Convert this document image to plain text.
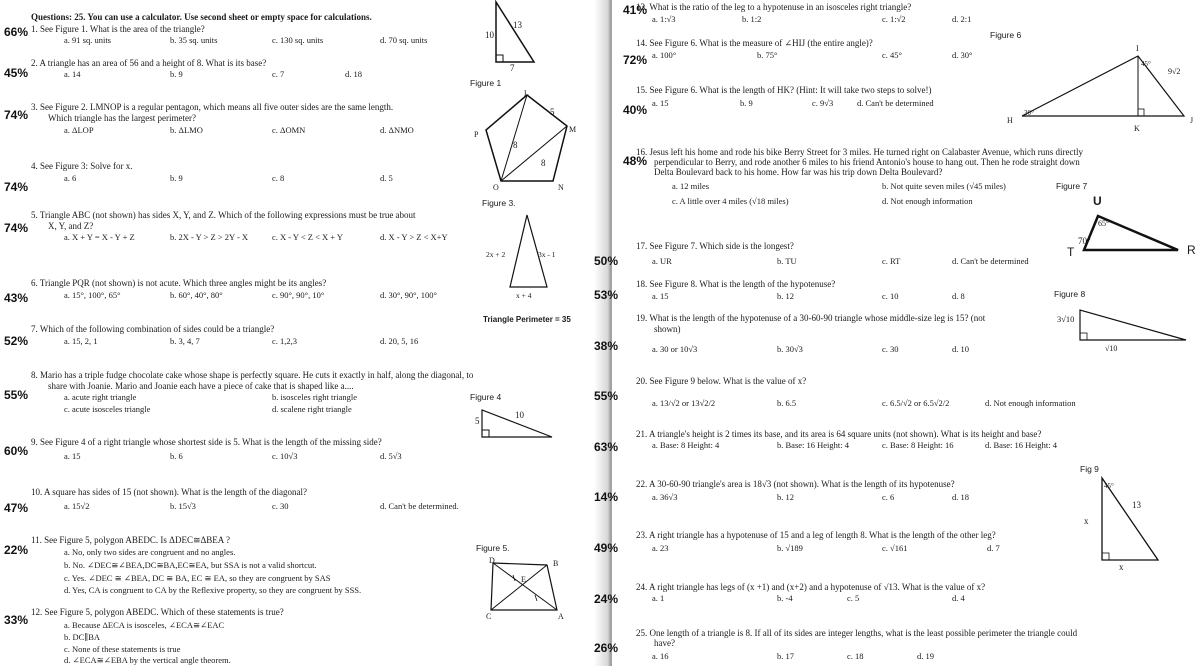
Questions: 25. You can use a calculator. Use second sheet or empty space for calculations.
66% 1. See Figure 1. What is the area of the triangle?
a. 91 sq. units	b. 35 sq. units	c. 130 sq. units	d. 70 sq. units
45%
2. A triangle has an area of 56 and a height of 8. What is its base?
a. 14	b. 9	c. 7	d. 18
74%
3. See Figure 2. LMNOP is a regular pentagon, which means all five outer sides are the same length.
Which triangle has the largest perimeter?
a. ΔLOP	b. ΔLMO	c. ΔOMN	d. ΔNMO
4. See Figure 3: Solve for x.
a. 6	b. 9	c. 8	d. 5
74%
5. Triangle ABC (not shown) has sides X, Y, and Z. Which of the following expressions must be true about
74% X, Y, and Z?
a. X + Y = X - Y + Z	b. 2X - Y > Z > 2Y - X	c. X - Y < Z < X + Y	d. X - Y > Z < X+Y
6. Triangle PQR (not shown) is not acute. Which three angles might be its angles?
43%	a. 15°, 100°, 65°	b. 60°, 40°, 80°	c. 90°, 90°, 10°	d. 30°, 90°, 100°
7. Which of the following combination of sides could be a triangle?
52%	a. 15, 2, 1	b. 3, 4, 7	c. 1,2,3	d. 20, 5, 16
8. Mario has a triple fudge chocolate cake whose shape is perfectly square. He cuts it exactly in half, along the diagonal, to
share with Joanie. Mario and Joanie each have a piece of cake that is shaped like a....
55%	a. acute right triangle	b. isosceles right triangle
c. acute isosceles triangle	d. scalene right triangle
9. See Figure 4 of a right triangle whose shortest side is 5. What is the length of the missing side?
60%	a. 15	b. 6	c. 10√3	d. 5√3
10. A square has sides of 15 (not shown). What is the length of the diagonal?
47%	a. 15√2	b. 15√3	c. 30	d. Can't be determined.
11. See Figure 5, polygon ABEDC. Is ΔDEC≅ΔBEA ?
22%	a. No, only two sides are congruent and no angles.
b. No. ∠DEC≅∠BEA,DC≅BA,EC≅EA, but SSA is not a valid shortcut.
c. Yes. ∠DEC ≅ ∠BEA, DC ≅ BA, EC ≅ EA, so they are congruent by SAS
d. Yes, CA is congruent to CA by the Reflexive property, so they are congruent by SSS.
12. See Figure 5, polygon ABEDC. Which of these statements is true?
33%	a. Because ΔECA is isosceles, ∠ECA≅∠EAC
b. DC∥BA
c. None of these statements is true
d. ∠ECA≅∠EBA by the vertical angle theorem.
10
13
7
Figure 1
L
M
N
O
P
5
8
8
Figure 3.
2x + 2	3x - 1
x + 4
Triangle Perimeter = 35
Figure 4
10
5
Figure 5.
D	B
E
C	A
41%
13. What is the ratio of the leg to a hypotenuse in an isosceles right triangle?
a. 1:√3	b. 1:2	c. 1:√2	d. 2:1
14. See Figure 6. What is the measure of ∠HIJ (the entire angle)?
72% a. 100°	b. 75°	c. 45°	d. 30°
15. See Figure 6. What is the length of HK? (Hint: It will take two steps to solve!)
40% a. 15	b. 9	c. 9√3	d. Can't be determined
16. Jesus left his home and rode his bike Berry Street for 3 miles. He turned right on Calabaster Avenue, which runs directly
48% perpendicular to Berry, and rode another 6 miles to his friend Antonio's house to hang out. Then he rode straight down
Delta Boulevard back to his home. How far was his trip down Delta Boulevard?
a. 12 miles	b. Not quite seven miles (√45 miles)
c. A little over 4 miles (√18 miles)	d. Not enough information
17. See Figure 7. Which side is the longest?
50%	a. UR	b. TU	c. RT	d. Can't be determined
18. See Figure 8. What is the length of the hypotenuse?
53%	a. 15	b. 12	c. 10	d. 8
19. What is the length of the hypotenuse of a 30-60-90 triangle whose middle-size leg is 15? (not
shown)
38%	a. 30 or 10√3	b. 30√3	c. 30	d. 10
20. See Figure 9 below. What is the value of x?
55%	a. 13/√2 or 13√2/2	b. 6.5	c. 6.5/√2 or 6.5√2/2	d. Not enough information
21. A triangle's height is 2 times its base, and its area is 64 square units (not shown). What is its height and base?
63%	a. Base: 8 Height: 4	b. Base: 16 Height: 4	c. Base: 8 Height: 16	d. Base: 16 Height: 4
22. A 30-60-90 triangle's area is 18√3 (not shown). What is the length of its hypotenuse?
14%	a. 36√3	b. 12	c. 6	d. 18
23. A right triangle has a hypotenuse of 15 and a leg of length 8. What is the length of the other leg?
49%	a. 23	b. √189	c. √161	d. 7
24. A right triangle has legs of (x +1) and (x+2) and a hypotenuse of √13. What is the value of x?
24%	a. 1	b. -4	c. 5	d. 4
25. One length of a triangle is 8. If all of its sides are integer lengths, what is the least possible perimeter the triangle could
26%	have?
a. 16	b. 17	c. 18	d. 19
Figure 6
I
H	J
K
45°
30°
9√2
Figure 7
U
T	R
65°
70°
Figure 8
3√10
√10
Fig 9
45°
13
x
x
